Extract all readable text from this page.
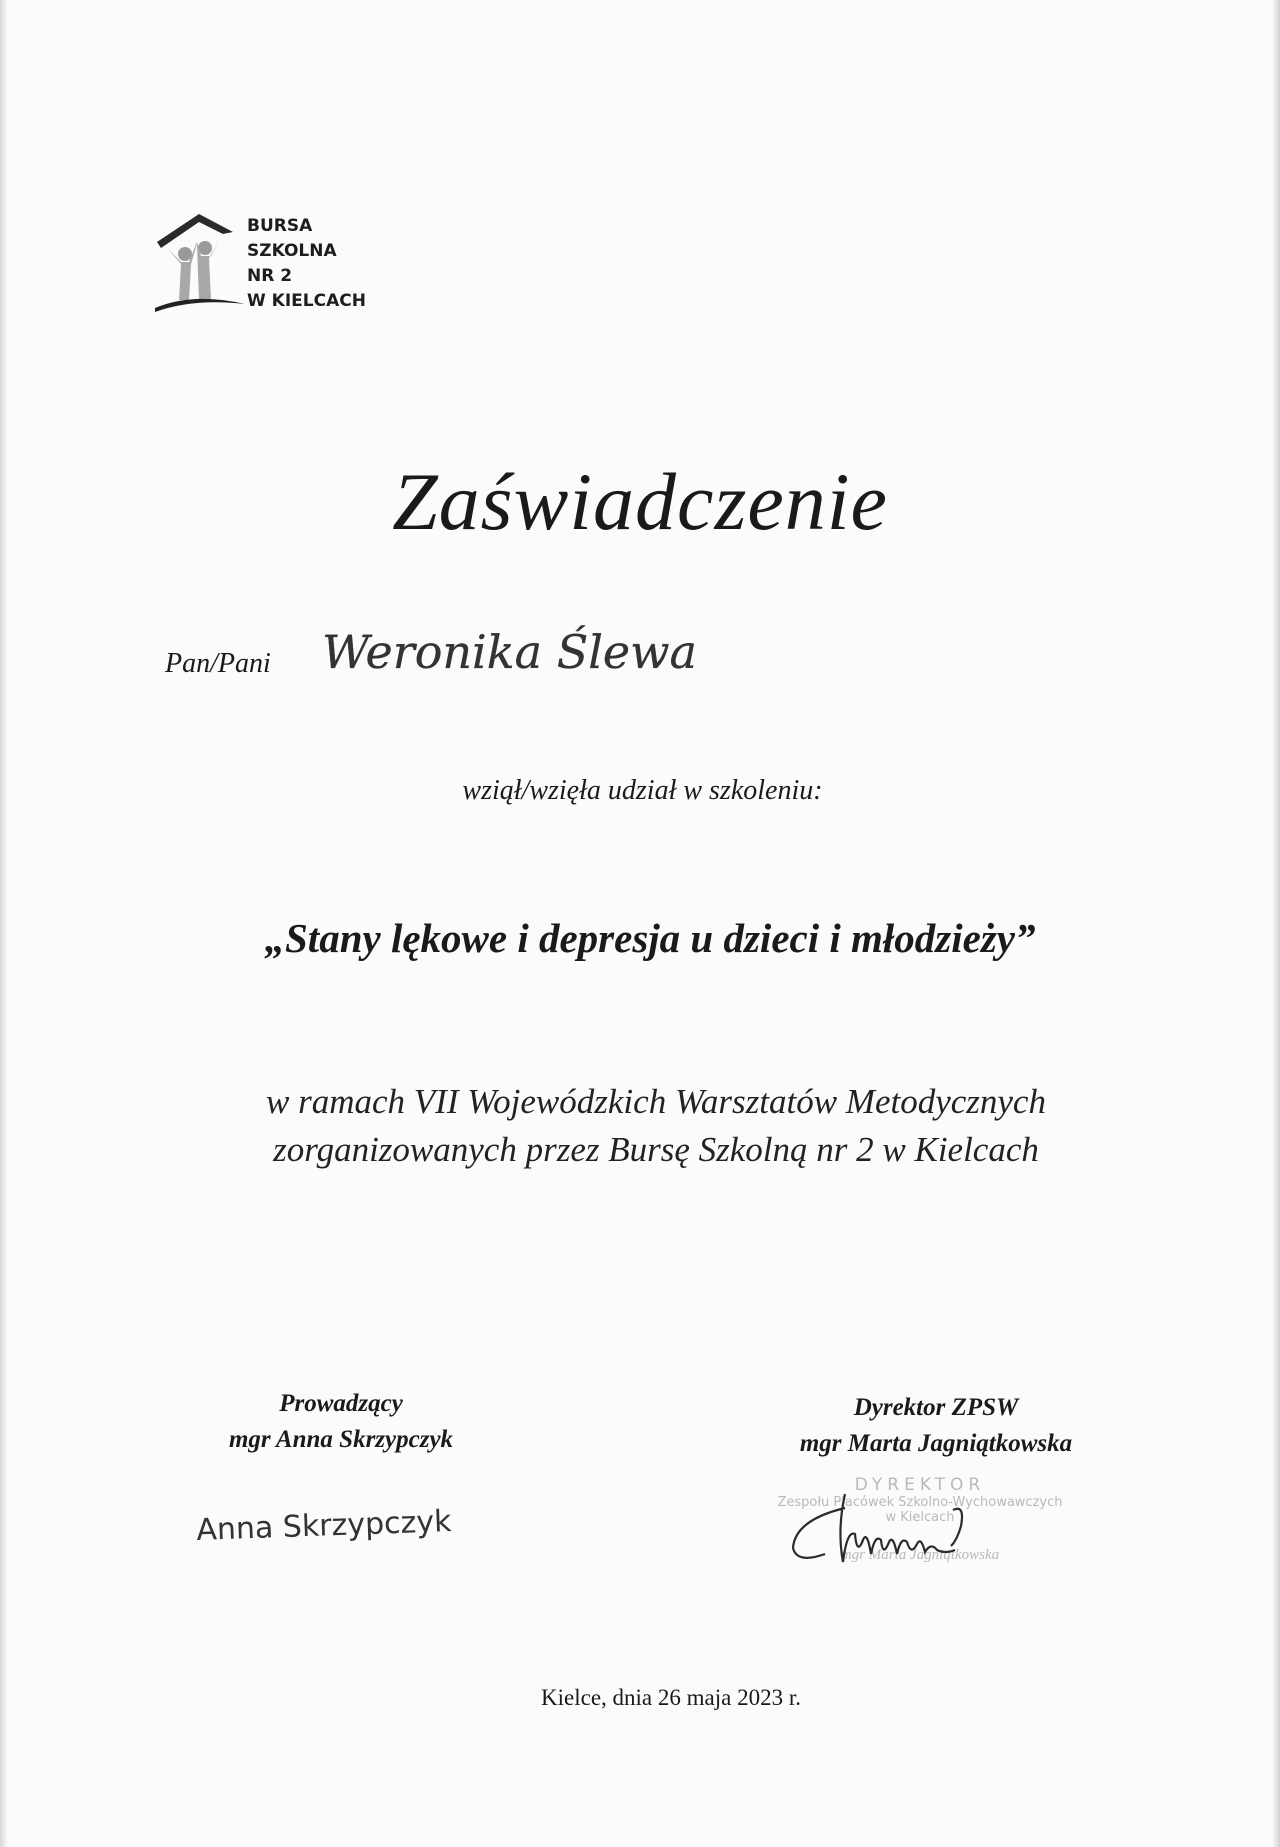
BURSA
SZKOLNA
NR 2
W KIELCACH
Zaświadczenie
Pan/Pani Weronika Ślewa
wziął/wzięła udział w szkoleniu:
„Stany lękowe i depresja u dzieci i młodzieży”
w ramach VII Wojewódzkich Warsztatów Metodycznych
zorganizowanych przez Bursę Szkolną nr 2 w Kielcach
Prowadzący
mgr Anna Skrzypczyk
Anna Skrzypczyk
Dyrektor ZPSW
mgr Marta Jagniątkowska
DYREKTOR
Zespołu Placówek Szkolno-Wychowawczych
w Kielcach
mgr Marta Jagniątkowska
Kielce, dnia 26 maja 2023 r.
